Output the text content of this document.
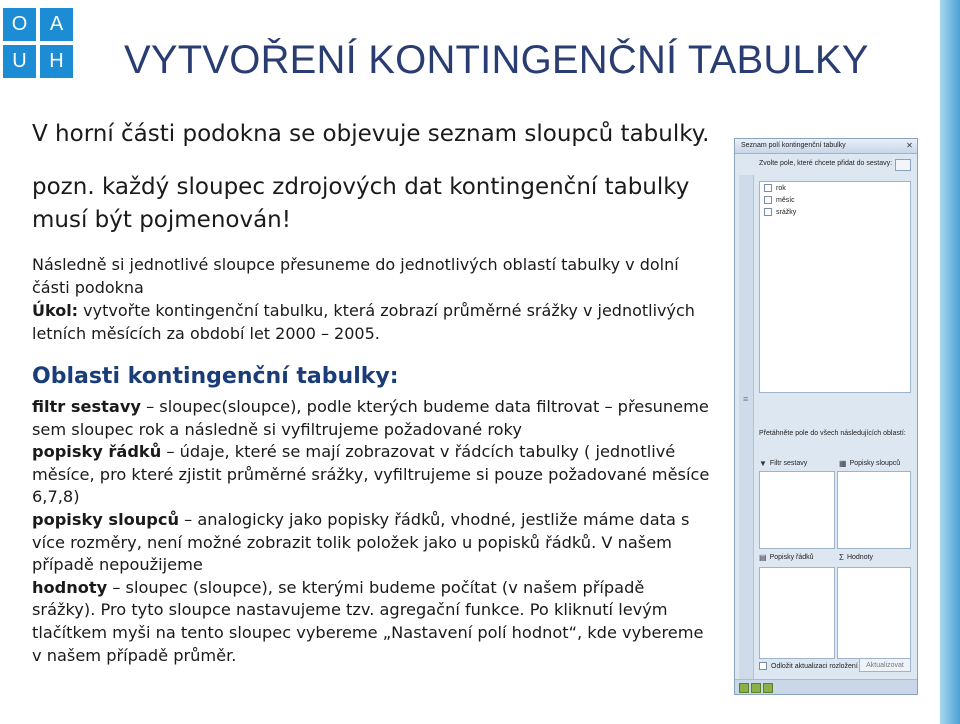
O	A
U	H VYTVOŘENÍ KONTINGENČNÍ TABULKY

V horní části podokna se objevuje seznam sloupců tabulky.

pozn. každý sloupec zdrojových dat kontingenční tabulky musí být pojmenován!

Následně si jednotlivé sloupce přesuneme do jednotlivých oblastí tabulky v dolní části podokna

Úkol: vytvořte kontingenční tabulku, která zobrazí průměrné srážky v jednotlivých letních měsících za období let 2000 – 2005.

Oblasti kontingenční tabulky:

filtr sestavy – sloupec(sloupce), podle kterých budeme data filtrovat – přesuneme sem sloupec rok a následně si vyfiltrujeme požadované roky
popisky řádků – údaje, které se mají zobrazovat v řádcích tabulky ( jednotlivé měsíce, pro které zjistit průměrné srážky, vyfiltrujeme si pouze požadované měsíce 6,7,8)
popisky sloupců – analogicky jako popisky řádků, vhodné, jestliže máme data s více rozměry, není možné zobrazit tolik položek jako u popisků řádků. V našem případě nepoužijeme
hodnoty – sloupec (sloupce), se kterými budeme počítat (v našem případě srážky). Pro tyto sloupce nastavujeme tzv. agregační funkce. Po kliknutí levým tlačítkem myši na tento sloupec vybereme „Nastavení polí hodnot“, kde vybereme v našem případě průměr.

Seznam polí kontingenční tabulky	✕
Zvolte pole, které chcete přidat do sestavy:
rok
měsíc
srážky
≡
Přetáhněte pole do všech následujících oblastí:
▼ Filtr sestavy	▦ Popisky sloupců
▤ Popisky řádků	Σ Hodnoty
Odložit aktualizaci rozložení	Aktualizovat
